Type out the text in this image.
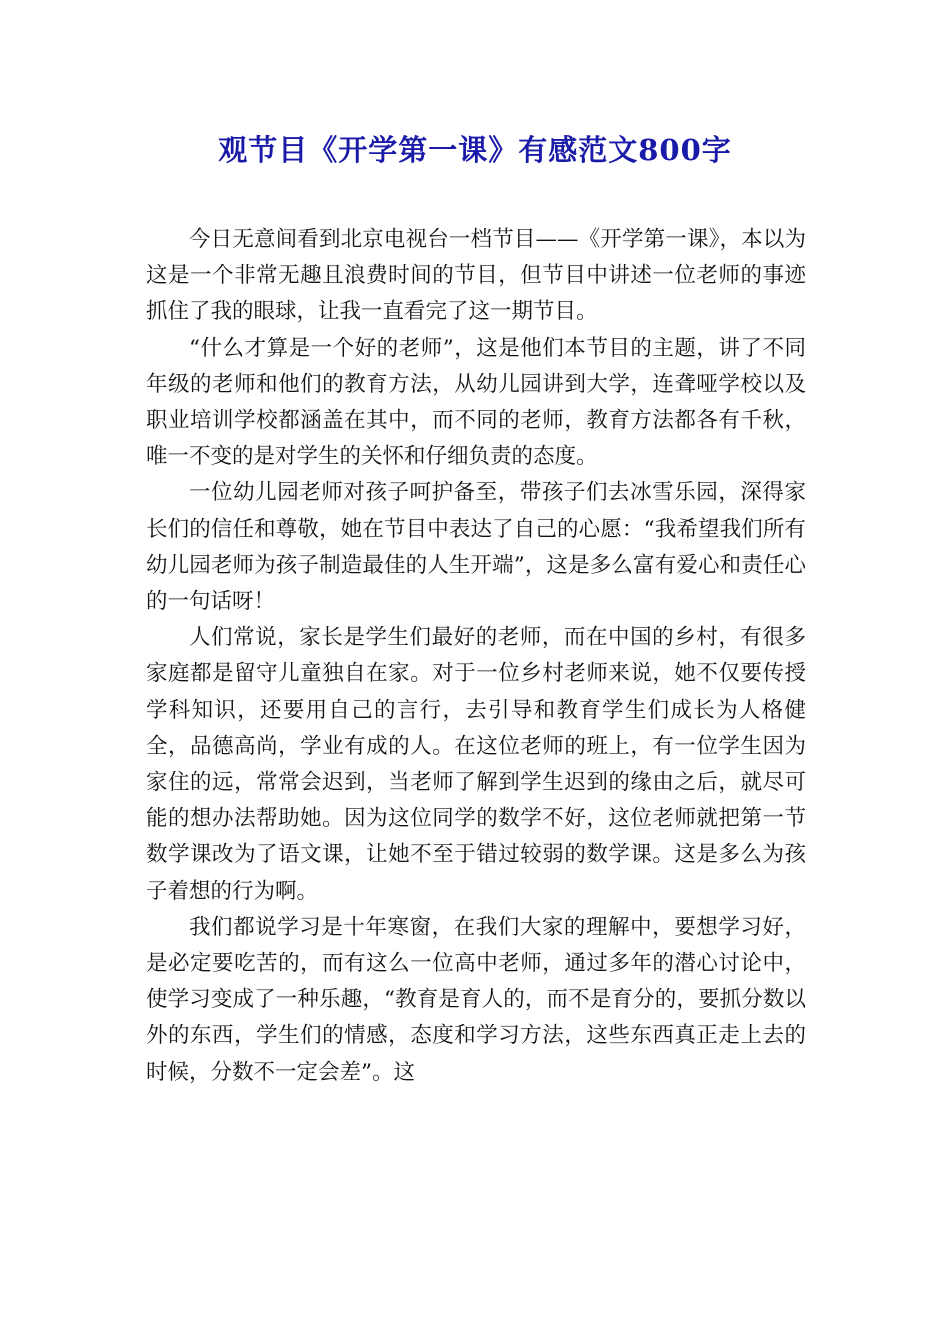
观节目《开学第一课》有感范文800字

今日无意间看到北京电视台一档节目——《开学第一课》，本以为这是一个非常无趣且浪费时间的节目，但节目中讲述一位老师的事迹抓住了我的眼球，让我一直看完了这一期节目。

“什么才算是一个好的老师”，这是他们本节目的主题，讲了不同年级的老师和他们的教育方法，从幼儿园讲到大学，连聋哑学校以及职业培训学校都涵盖在其中，而不同的老师，教育方法都各有千秋，唯一不变的是对学生的关怀和仔细负责的态度。

一位幼儿园老师对孩子呵护备至，带孩子们去冰雪乐园，深得家长们的信任和尊敬，她在节目中表达了自己的心愿：“我希望我们所有幼儿园老师为孩子制造最佳的人生开端”，这是多么富有爱心和责任心的一句话呀！

人们常说，家长是学生们最好的老师，而在中国的乡村，有很多家庭都是留守儿童独自在家。对于一位乡村老师来说，她不仅要传授学科知识，还要用自己的言行，去引导和教育学生们成长为人格健全，品德高尚，学业有成的人。在这位老师的班上，有一位学生因为家住的远，常常会迟到，当老师了解到学生迟到的缘由之后，就尽可能的想办法帮助她。因为这位同学的数学不好，这位老师就把第一节数学课改为了语文课，让她不至于错过较弱的数学课。这是多么为孩子着想的行为啊。

我们都说学习是十年寒窗，在我们大家的理解中，要想学习好，是必定要吃苦的，而有这么一位高中老师，通过多年的潜心讨论中，使学习变成了一种乐趣，“教育是育人的，而不是育分的，要抓分数以外的东西，学生们的情感，态度和学习方法，这些东西真正走上去的时候，分数不一定会差”。这
